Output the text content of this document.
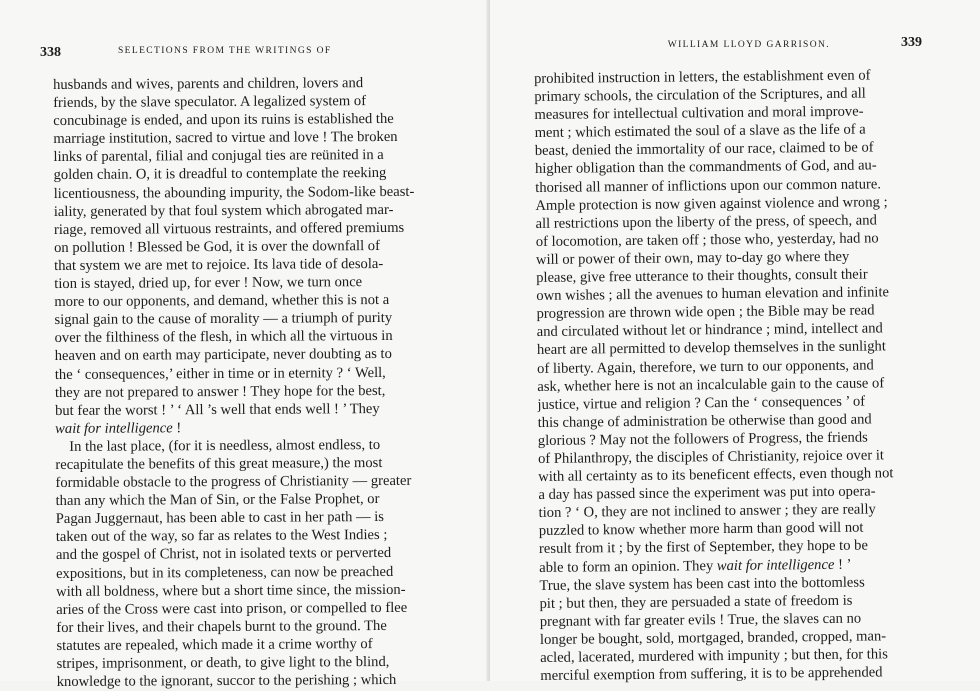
338	SELECTIONS FROM THE WRITINGS OF
husbands and wives, parents and children, lovers and
friends, by the slave speculator. A legalized system of
concubinage is ended, and upon its ruins is established the
marriage institution, sacred to virtue and love ! The broken
links of parental, filial and conjugal ties are reünited in a
golden chain. O, it is dreadful to contemplate the reeking
licentiousness, the abounding impurity, the Sodom-like beast-
iality, generated by that foul system which abrogated mar-
riage, removed all virtuous restraints, and offered premiums
on pollution ! Blessed be God, it is over the downfall of
that system we are met to rejoice. Its lava tide of desola-
tion is stayed, dried up, for ever ! Now, we turn once
more to our opponents, and demand, whether this is not a
signal gain to the cause of morality — a triumph of purity
over the filthiness of the flesh, in which all the virtuous in
heaven and on earth may participate, never doubting as to
the ‘ consequences,’ either in time or in eternity ? ‘ Well,
they are not prepared to answer ! They hope for the best,
but fear the worst ! ’ ‘ All ’s well that ends well ! ’ They
wait for intelligence !
In the last place, (for it is needless, almost endless, to
recapitulate the benefits of this great measure,) the most
formidable obstacle to the progress of Christianity — greater
than any which the Man of Sin, or the False Prophet, or
Pagan Juggernaut, has been able to cast in her path — is
taken out of the way, so far as relates to the West Indies ;
and the gospel of Christ, not in isolated texts or perverted
expositions, but in its completeness, can now be preached
with all boldness, where but a short time since, the mission-
aries of the Cross were cast into prison, or compelled to flee
for their lives, and their chapels burnt to the ground. The
statutes are repealed, which made it a crime worthy of
stripes, imprisonment, or death, to give light to the blind,
knowledge to the ignorant, succor to the perishing ; which
WILLIAM LLOYD GARRISON.	339
prohibited instruction in letters, the establishment even of
primary schools, the circulation of the Scriptures, and all
measures for intellectual cultivation and moral improve-
ment ; which estimated the soul of a slave as the life of a
beast, denied the immortality of our race, claimed to be of
higher obligation than the commandments of God, and au-
thorised all manner of inflictions upon our common nature.
Ample protection is now given against violence and wrong ;
all restrictions upon the liberty of the press, of speech, and
of locomotion, are taken off ; those who, yesterday, had no
will or power of their own, may to-day go where they
please, give free utterance to their thoughts, consult their
own wishes ; all the avenues to human elevation and infinite
progression are thrown wide open ; the Bible may be read
and circulated without let or hindrance ; mind, intellect and
heart are all permitted to develop themselves in the sunlight
of liberty. Again, therefore, we turn to our opponents, and
ask, whether here is not an incalculable gain to the cause of
justice, virtue and religion ? Can the ‘ consequences ’ of
this change of administration be otherwise than good and
glorious ? May not the followers of Progress, the friends
of Philanthropy, the disciples of Christianity, rejoice over it
with all certainty as to its beneficent effects, even though not
a day has passed since the experiment was put into opera-
tion ? ‘ O, they are not inclined to answer ; they are really
puzzled to know whether more harm than good will not
result from it ; by the first of September, they hope to be
able to form an opinion. They wait for intelligence ! ’
True, the slave system has been cast into the bottomless
pit ; but then, they are persuaded a state of freedom is
pregnant with far greater evils ! True, the slaves can no
longer be bought, sold, mortgaged, branded, cropped, man-
acled, lacerated, murdered with impunity ; but then, for this
merciful exemption from suffering, it is to be apprehended
